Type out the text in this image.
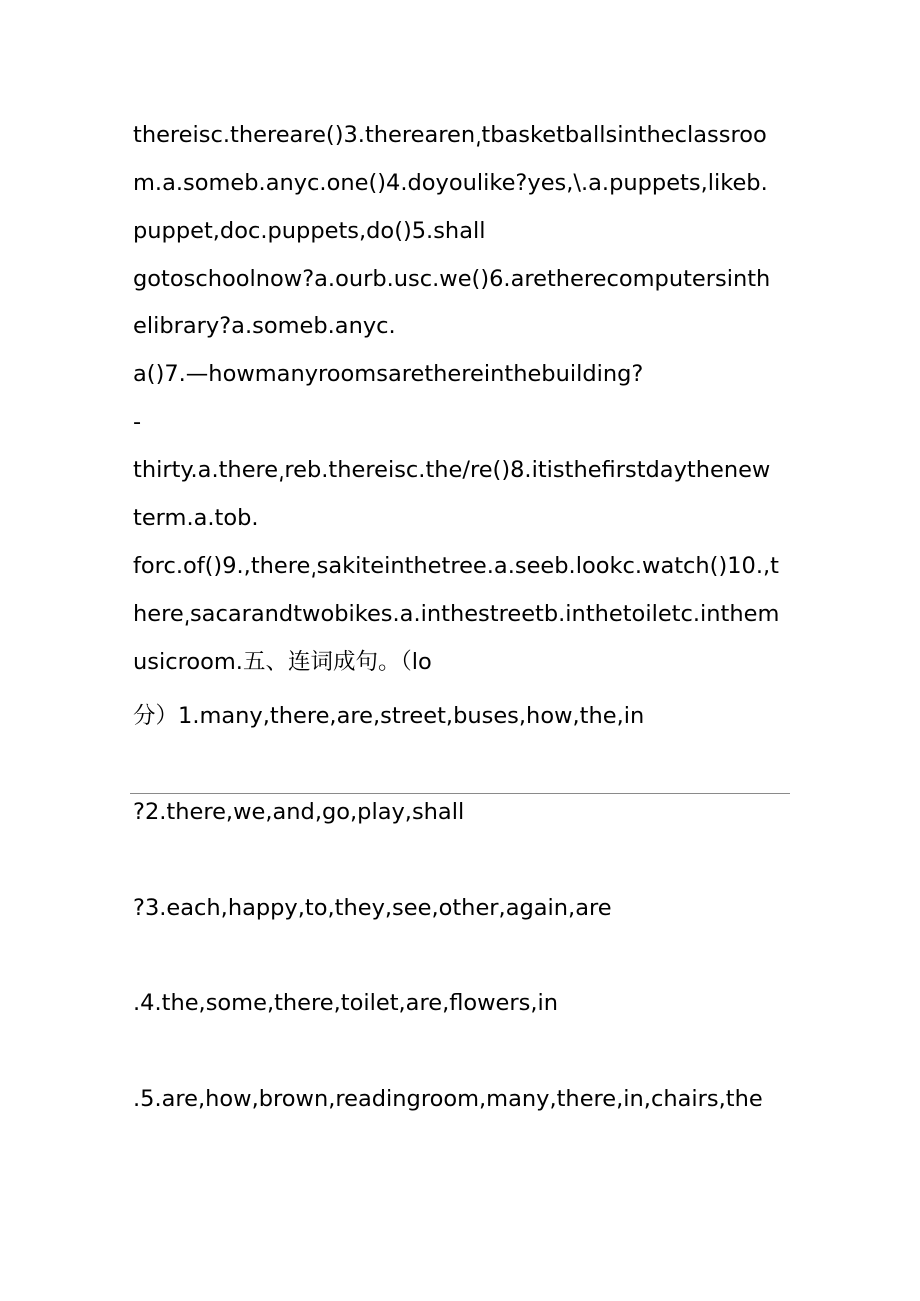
thereisc.thereare()3.therearen͵tbasketballsintheclassroo
m.a.someb.anyc.one()4.doyoulike?yes,\.a.puppets,likeb.
puppet,doc.puppets,do()5.shall
gotoschoolnow?a.ourb.usc.we()6.arethere​computersinth
elibrary?a.someb.anyc.
a()7.—howmanyroomsaretherein​thebuilding?
-
thirty.a.there͵reb.thereisc.the/re()8.itisthefirstdaythenew
term.a.tob.
forc.of()9.,there͵sakiteinthetree.a.seeb.lookc.watch()10.,t
here͵sacarandtwobikes.a.inthestreetb.inthetoiletc.inthem
usicroom.五、连词成句。（lo
分）1.many,there,are,street,buses,how,the,in
?2.there,we,and,go,play,shall
?3.each,happy,to,they,see,other,again,are
.4.the,some,there,toilet,are,flowers,in
.5.are,how,brown,readingroom,many,there,in,chairs,the
